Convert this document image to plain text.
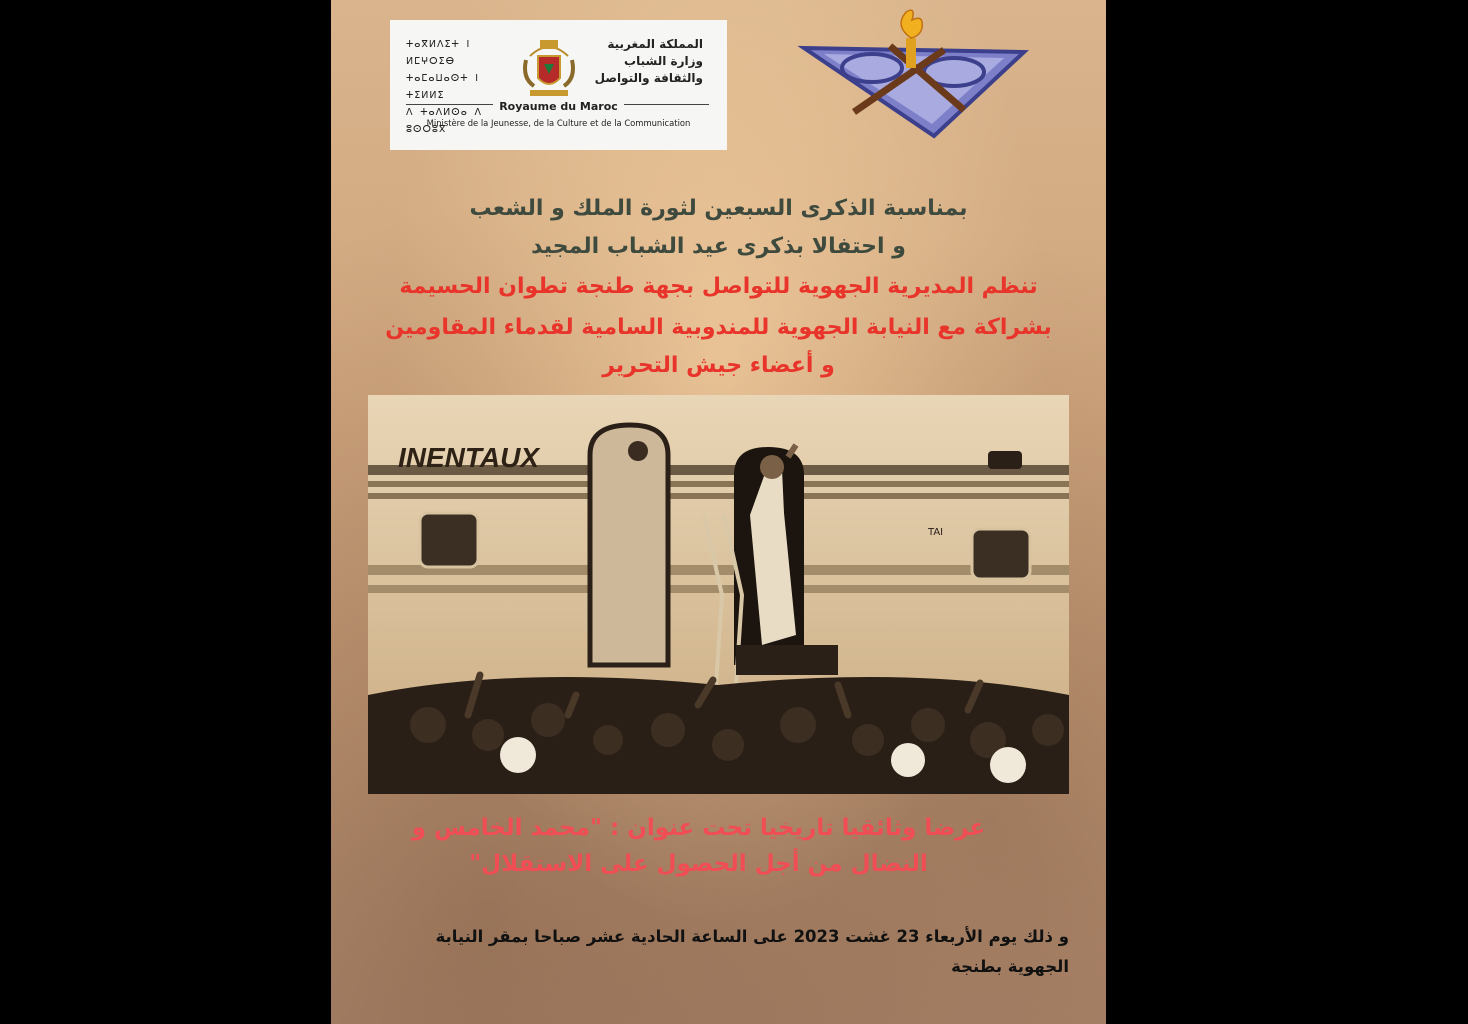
ⵜⴰⴳⵍⴷⵉⵜ ⵏ ⵍⵎⵖⵔⵉⴱ
ⵜⴰⵎⴰⵡⴰⵙⵜ ⵏ ⵜⵉⵍⵍⵉ
ⴷ ⵜⴰⴷⵍⵙⴰ ⴷ ⵓⵙⵔⵓⴳ
المملكة المغربية
وزارة الشباب
والثقافة والتواصل
Royaume du Maroc
Ministère de la Jeunesse, de la Culture et de la Communication
بمناسبة الذكرى السبعين لثورة الملك و الشعب
و احتفالا بذكرى عيد الشباب المجيد
تنظم المديرية الجهوية للتواصل بجهة طنجة تطوان الحسيمة
بشراكة مع النيابة الجهوية للمندوبية السامية لقدماء المقاومين
و أعضاء جيش التحرير
INENTAUX
TAI
عرضا وثائقيا تاريخيا تحت عنوان : "محمد الخامس و
النضال من أجل الحصول على الاستقلال"
و ذلك يوم الأربعاء 23 غشت 2023 على الساعة الحادية عشر صباحا بمقر النيابة الجهوية بطنجة
